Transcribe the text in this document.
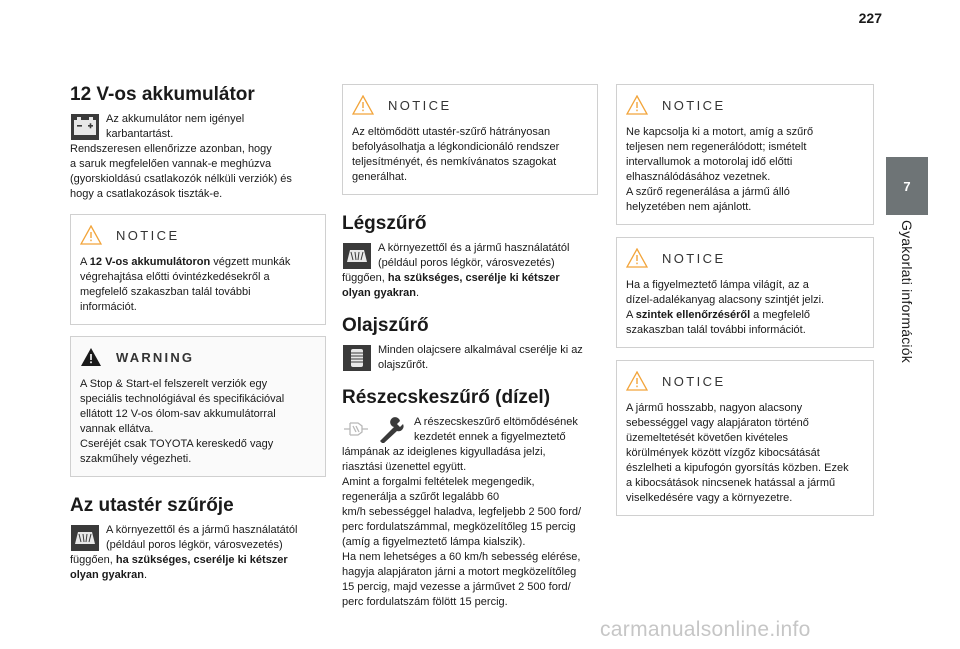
227
7
Gyakorlati információk
12 V-os akkumulátor

Az akkumulátor nem igényel

karbantartást.

Rendszeresen ellenőrizze azonban, hogy

a saruk megfelelően vannak-e meghúzva

(gyorskioldású csatlakozók nélküli verziók) és

hogy a csatlakozások tiszták-e.

NOTICE

A 12 V-os akkumulátoron végzett munkák

végrehajtása előtti óvintézkedésekről a

megfelelő szakaszban talál további

információt.

WARNING

A Stop & Start-el felszerelt verziók egy

speciális technológiával és specifikációval

ellátott 12 V-os ólom-sav akkumulátorral

vannak ellátva.

Cseréjét csak TOYOTA kereskedő vagy

szakműhely végezheti.

Az utastér szűrője

A környezettől és a jármű használatától

(például poros légkör, városvezetés)

függően, ha szükséges, cserélje ki kétszer

olyan gyakran.

NOTICE

Az eltömődött utastér-szűrő hátrányosan

befolyásolhatja a légkondicionáló rendszer

teljesítményét, és nemkívánatos szagokat

generálhat.

Légszűrő

A környezettől és a jármű használatától

(például poros légkör, városvezetés)

függően, ha szükséges, cserélje ki kétszer

olyan gyakran.

Olajszűrő

Minden olajcsere alkalmával cserélje ki az

olajszűrőt.

Részecskeszűrő (dízel)

A részecskeszűrő eltömődésének

kezdetét ennek a figyelmeztető

lámpának az ideiglenes kigyulladása jelzi,

riasztási üzenettel együtt.

Amint a forgalmi feltételek megengedik,

regenerálja a szűrőt legalább 60

km/h sebességgel haladva, legfeljebb 2 500 ford/

perc fordulatszámmal, megközelítőleg 15 percig

(amíg a figyelmeztető lámpa kialszik).

Ha nem lehetséges a 60 km/h sebesség elérése,

hagyja alapjáraton járni a motort megközelítőleg

15 percig, majd vezesse a járművet 2 500 ford/

perc fordulatszám fölött 15 percig.

NOTICE

Ne kapcsolja ki a motort, amíg a szűrő

teljesen nem regenerálódott; ismételt

intervallumok a motorolaj idő előtti

elhasználódásához vezetnek.

A szűrő regenerálása a jármű álló

helyzetében nem ajánlott.

NOTICE

Ha a figyelmeztető lámpa világít, az a

dízel-adalékanyag alacsony szintjét jelzi.

A szintek ellenőrzéséről a megfelelő

szakaszban talál további információt.

NOTICE

A jármű hosszabb, nagyon alacsony

sebességgel vagy alapjáraton történő

üzemeltetését követően kivételes

körülmények között vízgőz kibocsátását

észlelheti a kipufogón gyorsítás közben. Ezek

a kibocsátások nincsenek hatással a jármű

viselkedésére vagy a környezetre.

carmanualsonline.info
